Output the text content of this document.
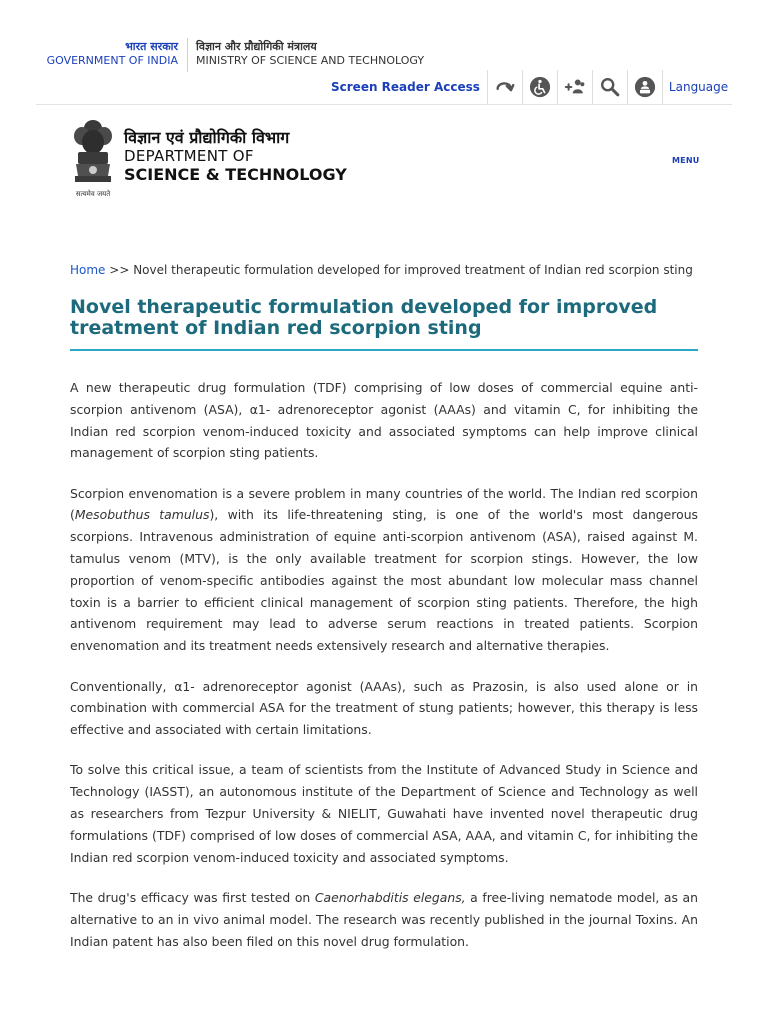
भारत सरकार
GOVERNMENT OF INDIA
विज्ञान और प्रौद्योगिकी मंत्रालय
MINISTRY OF SCIENCE AND TECHNOLOGY
Screen Reader Access	Language
सत्यमेव जयते
विज्ञान एवं प्रौद्योगिकी विभाग
DEPARTMENT OF
SCIENCE & TECHNOLOGY
MENU
Home >> Novel therapeutic formulation developed for improved treatment of Indian red scorpion sting
Novel therapeutic formulation developed for improved treatment of Indian red scorpion sting

A new therapeutic drug formulation (TDF) comprising of low doses of commercial equine anti-scorpion antivenom (ASA), α1- adrenoreceptor agonist (AAAs) and vitamin C, for inhibiting the Indian red scorpion venom-induced toxicity and associated symptoms can help improve clinical management of scorpion sting patients.

Scorpion envenomation is a severe problem in many countries of the world. The Indian red scorpion (Mesobuthus tamulus), with its life-threatening sting, is one of the world's most dangerous scorpions. Intravenous administration of equine anti-scorpion antivenom (ASA), raised against M. tamulus venom (MTV), is the only available treatment for scorpion stings. However, the low proportion of venom-specific antibodies against the most abundant low molecular mass channel toxin is a barrier to efficient clinical management of scorpion sting patients. Therefore, the high antivenom requirement may lead to adverse serum reactions in treated patients. Scorpion envenomation and its treatment needs extensively research and alternative therapies.

Conventionally, α1- adrenoreceptor agonist (AAAs), such as Prazosin, is also used alone or in combination with commercial ASA for the treatment of stung patients; however, this therapy is less effective and associated with certain limitations.

To solve this critical issue, a team of scientists from the Institute of Advanced Study in Science and Technology (IASST), an autonomous institute of the Department of Science and Technology as well as researchers from Tezpur University & NIELIT, Guwahati have invented novel therapeutic drug formulations (TDF) comprised of low doses of commercial ASA, AAA, and vitamin C, for inhibiting the Indian red scorpion venom-induced toxicity and associated symptoms.

The drug's efficacy was first tested on Caenorhabditis elegans, a free-living nematode model, as an alternative to an in vivo animal model. The research was recently published in the journal Toxins. An Indian patent has also been filed on this novel drug formulation.
